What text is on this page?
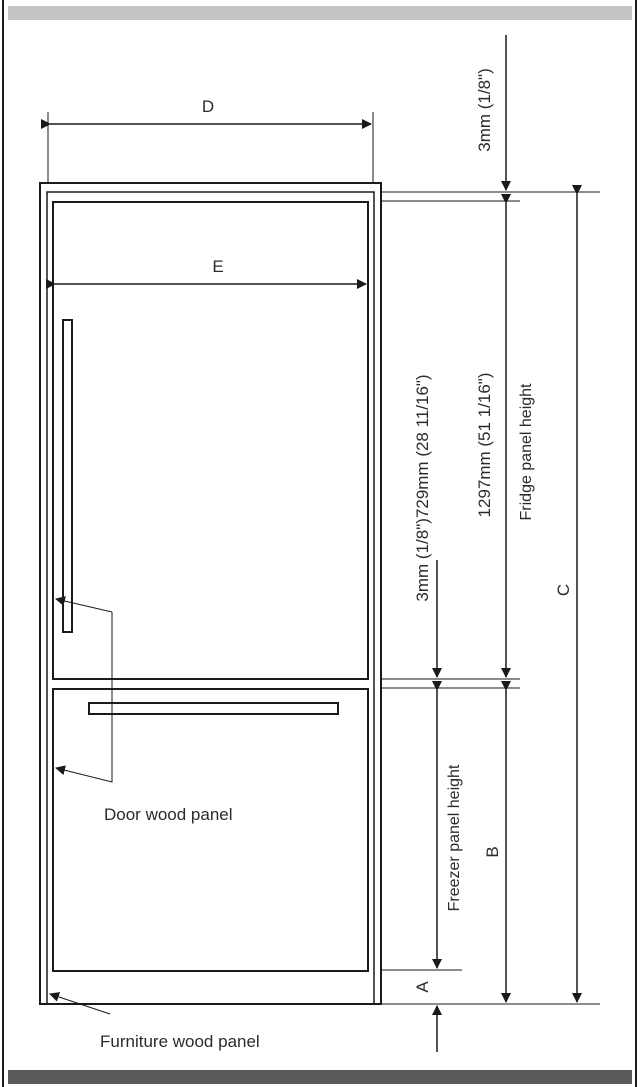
D
E
Door wood panel
Furniture wood panel
3mm (1/8")
1297mm (51 1/16") Fridge panel height
3mm (1/8")729mm (28 11/16")	C
Freezer panel height B
A
